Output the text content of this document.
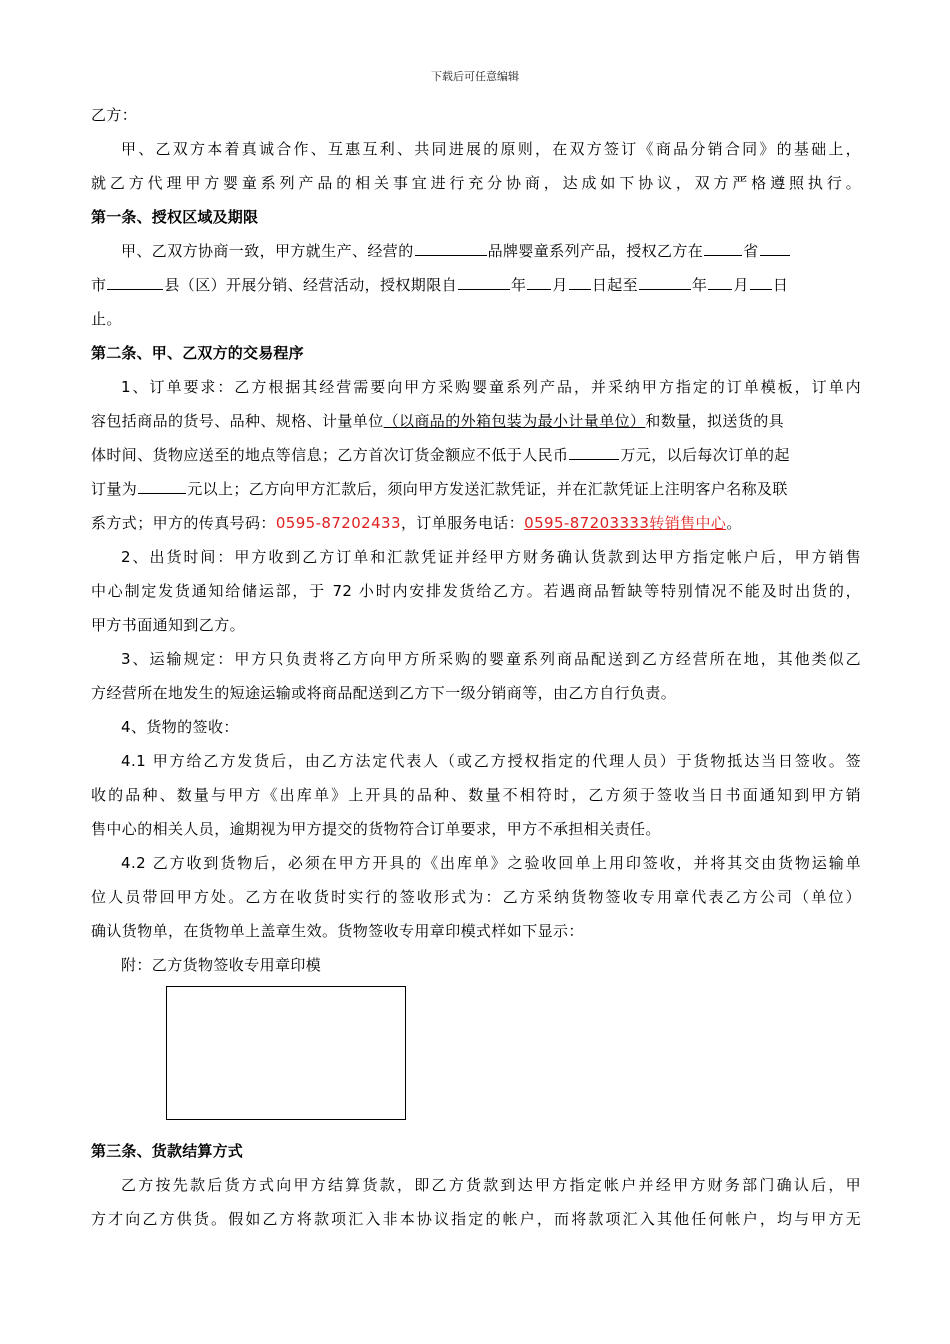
下载后可任意编辑
乙方：
甲、乙双方本着真诚合作、互惠互利、共同进展的原则，在双方签订《商品分销合同》的基础上，
就乙方代理甲方婴童系列产品的相关事宜进行充分协商，达成如下协议，双方严格遵照执行。
第一条、授权区域及期限
甲、乙双方协商一致，甲方就生产、经营的	品牌婴童系列产品，授权乙方在	省
市	县（区）开展分销、经营活动，授权期限自	年 月 日起至	年 月 日
止。
第二条、甲、乙双方的交易程序
1、订单要求：乙方根据其经营需要向甲方采购婴童系列产品，并采纳甲方指定的订单模板，订单内
容包括商品的货号、品种、规格、计量单位（以商品的外箱包装为最小计量单位）和数量，拟送货的具
体时间、货物应送至的地点等信息；乙方首次订货金额应不低于人民币	万元，以后每次订单的起
订量为	元以上；乙方向甲方汇款后，须向甲方发送汇款凭证，并在汇款凭证上注明客户名称及联
系方式；甲方的传真号码：0595-87202433，订单服务电话：0595-87203333转销售中心。
2、出货时间：甲方收到乙方订单和汇款凭证并经甲方财务确认货款到达甲方指定帐户后，甲方销售
中心制定发货通知给储运部，于 72 小时内安排发货给乙方。若遇商品暂缺等特别情况不能及时出货的，
甲方书面通知到乙方。
3、运输规定：甲方只负责将乙方向甲方所采购的婴童系列商品配送到乙方经营所在地，其他类似乙
方经营所在地发生的短途运输或将商品配送到乙方下一级分销商等，由乙方自行负责。
4、货物的签收：
4.1 甲方给乙方发货后，由乙方法定代表人（或乙方授权指定的代理人员）于货物抵达当日签收。签
收的品种、数量与甲方《出库单》上开具的品种、数量不相符时，乙方须于签收当日书面通知到甲方销
售中心的相关人员，逾期视为甲方提交的货物符合订单要求，甲方不承担相关责任。
4.2 乙方收到货物后，必须在甲方开具的《出库单》之验收回单上用印签收，并将其交由货物运输单
位人员带回甲方处。乙方在收货时实行的签收形式为：乙方采纳货物签收专用章代表乙方公司（单位）
确认货物单，在货物单上盖章生效。货物签收专用章印模式样如下显示：
附：乙方货物签收专用章印模
第三条、货款结算方式
乙方按先款后货方式向甲方结算货款，即乙方货款到达甲方指定帐户并经甲方财务部门确认后，甲
方才向乙方供货。假如乙方将款项汇入非本协议指定的帐户，而将款项汇入其他任何帐户，均与甲方无
